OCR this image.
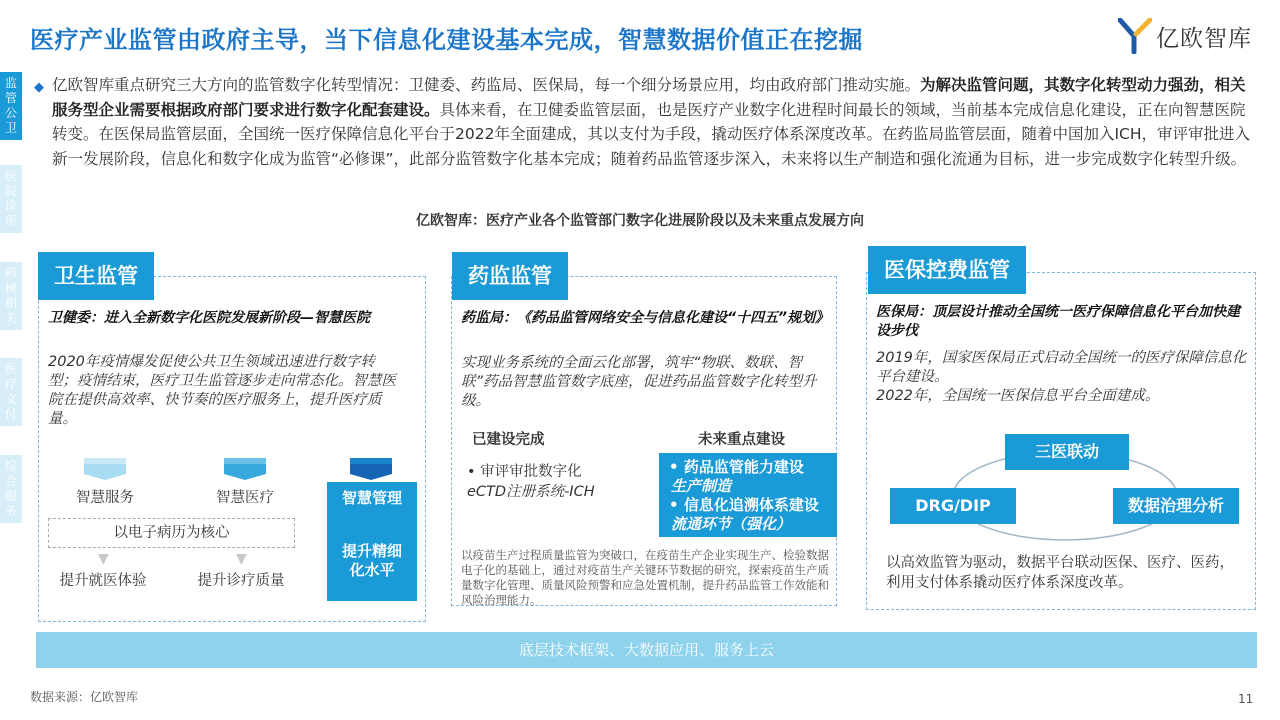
医疗产业监管由政府主导，当下信息化建设基本完成，智慧数据价值正在挖掘	亿欧智库
监管公卫
医院诊所
药械相关
医疗文付
综合服务
◆ 亿欧智库重点研究三大方向的监管数字化转型情况：卫健委、药监局、医保局，每一个细分场景应用，均由政府部门推动实施。为解决监管问题，其数字化转型动力强劲，相关服务型企业需要根据政府部门要求进行数字化配套建设。具体来看，在卫健委监管层面，也是医疗产业数字化进程时间最长的领域，当前基本完成信息化建设，正在向智慧医院转变。在医保局监管层面，全国统一医疗保障信息化平台于2022年全面建成，其以支付为手段，撬动医疗体系深度改革。在药监局监管层面，随着中国加入ICH，审评审批进入新一发展阶段，信息化和数字化成为监管“必修课”，此部分监管数字化基本完成；随着药品监管逐步深入，未来将以生产制造和强化流通为目标，进一步完成数字化转型升级。
亿欧智库：医疗产业各个监管部门数字化进展阶段以及未来重点发展方向
卫生监管
卫健委：进入全新数字化医院发展新阶段—智慧医院
2020年疫情爆发促使公共卫生领域迅速进行数字转型；疫情结束，医疗卫生监管逐步走向常态化。智慧医院在提供高效率、快节奏的医疗服务上，提升医疗质量。
智慧服务	智慧医疗	智慧管理
提升精细化水平
以电子病历为核心
▼	▼
提升就医体验	提升诊疗质量
药监监管
药监局：《药品监管网络安全与信息化建设“十四五”规划》
实现业务系统的全面云化部署，筑牢“物联、数联、智联”药品智慧监管数字底座，促进药品监管数字化转型升级。
已建设完成	未来重点建设
• 审评审批数字化
eCTD注册系统-ICH
• 药品监管能力建设
生产制造
• 信息化追溯体系建设
流通环节（强化）
以疫苗生产过程质量监管为突破口，在疫苗生产企业实现生产、检验数据电子化的基础上，通过对疫苗生产关键环节数据的研究，探索疫苗生产质量数字化管理、质量风险预警和应急处置机制，提升药品监管工作效能和风险治理能力。
医保控费监管
医保局：顶层设计推动全国统一医疗保障信息化平台加快建设步伐
2019年，国家医保局正式启动全国统一的医疗保障信息化平台建设。
2022年，全国统一医保信息平台全面建成。
三医联动
DRG/DIP	数据治理分析
以高效监管为驱动，数据平台联动医保、医疗、医药，利用支付体系撬动医疗体系深度改革。
底层技术框架、大数据应用、服务上云
数据来源：亿欧智库	11
